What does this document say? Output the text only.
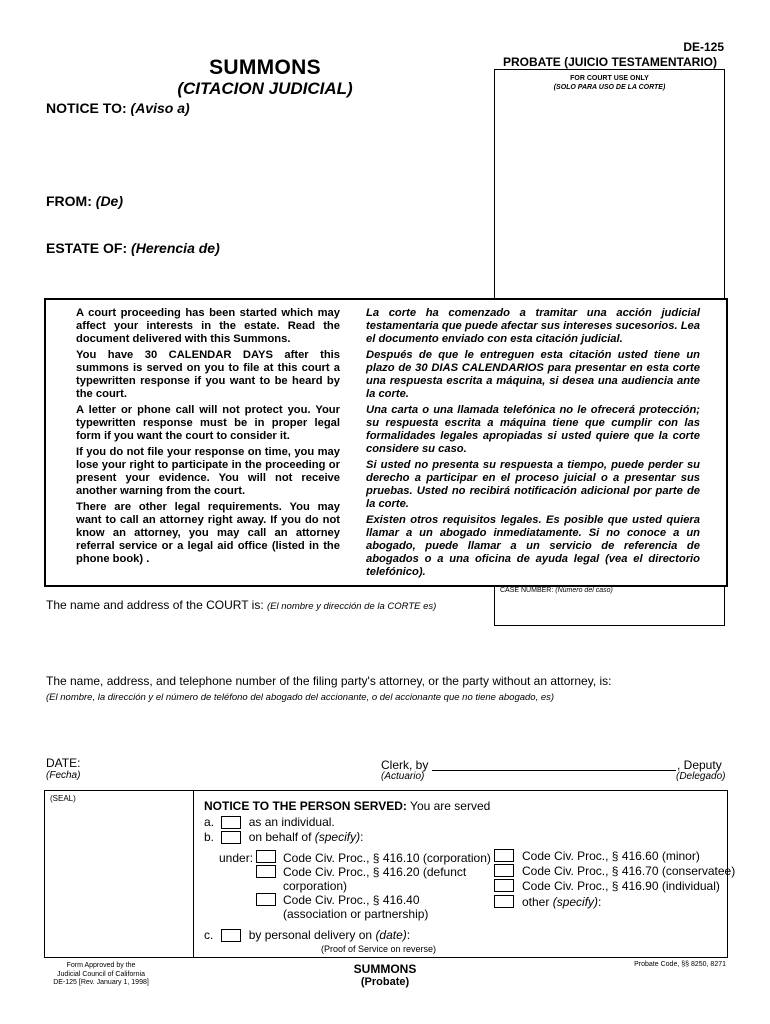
DE-125
PROBATE (JUICIO TESTAMENTARIO)
SUMMONS
(CITACION JUDICIAL)
FOR COURT USE ONLY
(SOLO PARA USO DE LA CORTE)
NOTICE TO: (Aviso a)
FROM: (De)
ESTATE OF: (Herencia de)

A court proceeding has been started which may affect your interests in the estate. Read the document delivered with this Summons.

You have 30 CALENDAR DAYS after this summons is served on you to file at this court a typewritten response if you want to be heard by the court.

A letter or phone call will not protect you. Your typewritten response must be in proper legal form if you want the court to consider it.

If you do not file your response on time, you may lose your right to participate in the proceeding or present your evidence. You will not receive another warning from the court.

There are other legal requirements. You may want to call an attorney right away. If you do not know an attorney, you may call an attorney referral service or a legal aid office (listed in the phone book) .

La corte ha comenzado a tramitar una acción judicial testamentaria que puede afectar sus intereses sucesorios. Lea el documento enviado con esta citación judicial.

Después de que le entreguen esta citación usted tiene un plazo de 30 DIAS CALENDARIOS para presentar en esta corte una respuesta escrita a máquina, si desea una audiencia ante la corte.

Una carta o una llamada telefónica no le ofrecerá protección; su respuesta escrita a máquina tiene que cumplir con las formalidades legales apropiadas si usted quiere que la corte considere su caso.

Si usted no presenta su respuesta a tiempo, puede perder su derecho a participar en el proceso juicial o a presentar sus pruebas. Usted no recibirá notificación adicional por parte de la corte.

Existen otros requisitos legales. Es posible que usted quiera llamar a un abogado inmediatamente. Si no conoce a un abogado, puede llamar a un servicio de referencia de abogados o a una oficina de ayuda legal (vea el directorio telefónico).

CASE NUMBER: (Número del caso)
The name and address of the COURT is: (El nombre y dirección de la CORTE es)
The name, address, and telephone number of the filing party's attorney, or the party without an attorney, is:
(El nombre, la dirección y el número de teléfono del abogado del accionante, o del accionante que no tiene abogado, es)
DATE:
(Fecha)
Clerk, by
(Actuario)
, Deputy
(Delegado)
(SEAL)
NOTICE TO THE PERSON SERVED: You are served
a.	as an individual.
b.	on behalf of (specify):
under: Code Civ. Proc., § 416.10 (corporation)
Code Civ. Proc., § 416.20 (defunct corporation)
Code Civ. Proc., § 416.40 (association or partnership)
Code Civ. Proc., § 416.60 (minor)
Code Civ. Proc., § 416.70 (conservatee)
Code Civ. Proc., § 416.90 (individual)
other (specify):
c.	by personal delivery on (date):
(Proof of Service on reverse)
Form Approved by the
Judicial Council of California
DE-125 [Rev. January 1, 1998]
SUMMONS
(Probate)
Probate Code, §§ 8250, 8271
